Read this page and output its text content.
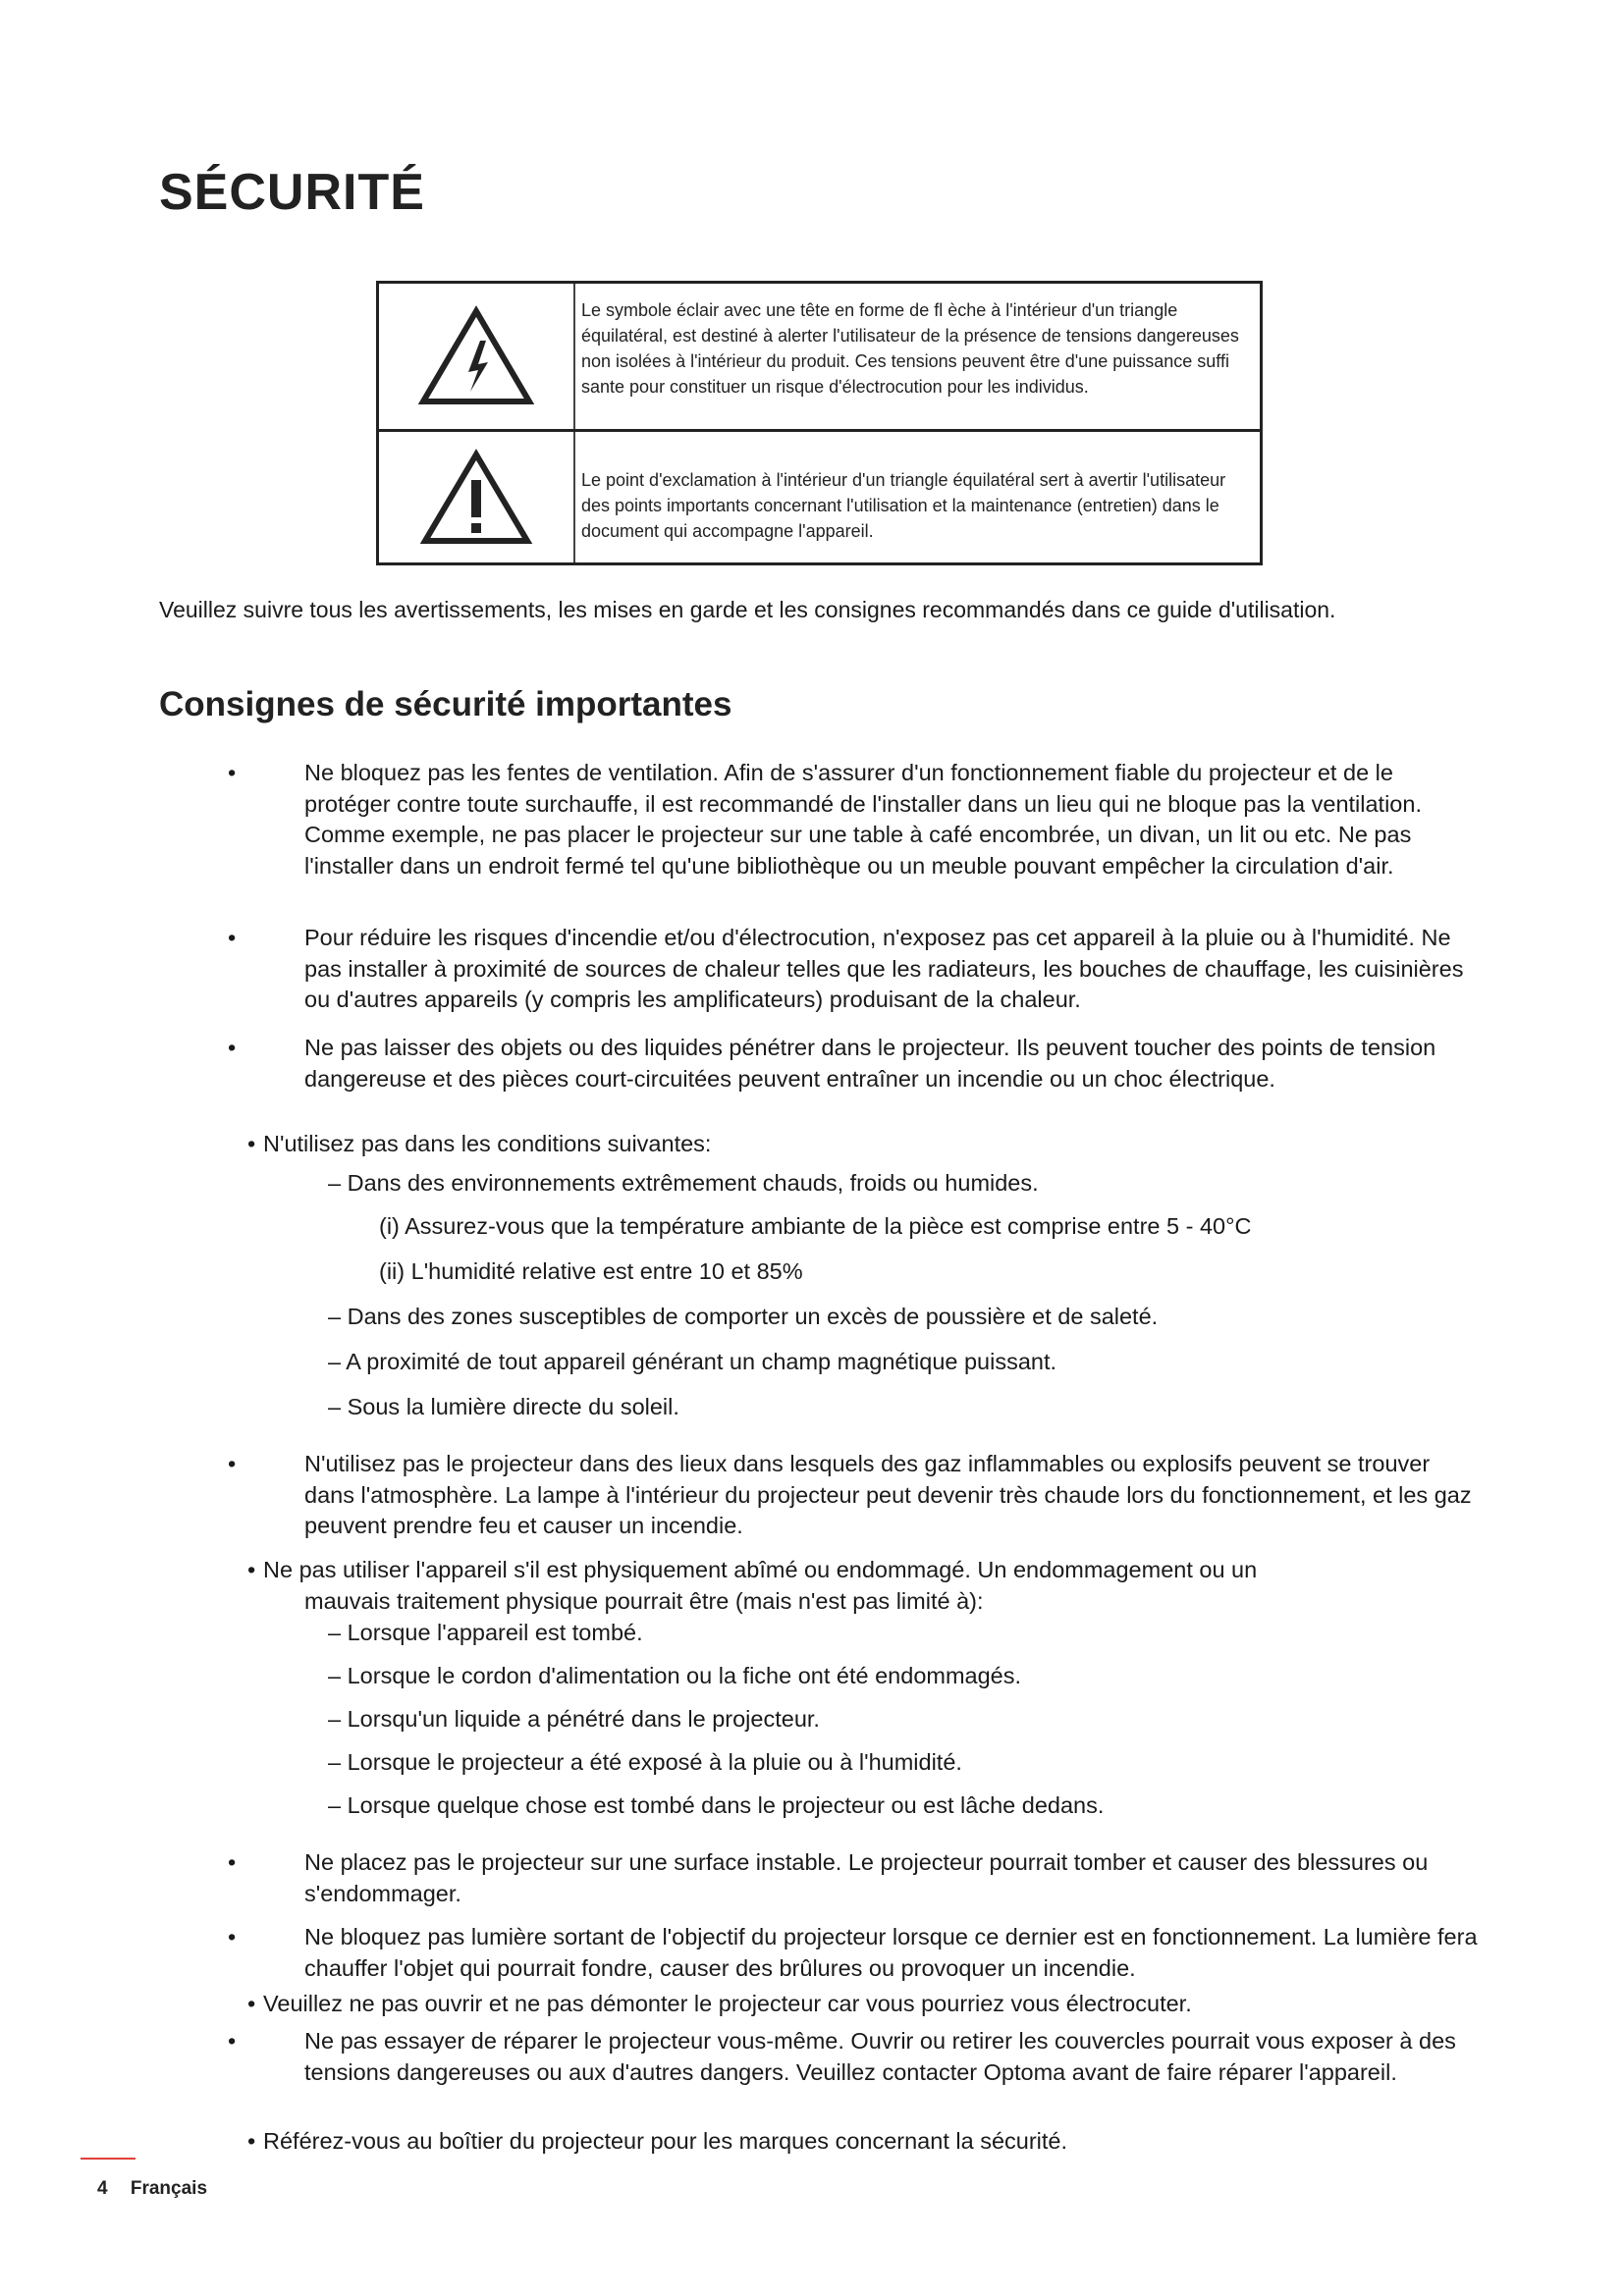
SÉCURITÉ
Le symbole éclair avec une tête en forme de fl èche à l'intérieur d'un triangle équilatéral, est destiné à alerter l'utilisateur de la présence de tensions dangereuses non isolées à l'intérieur du produit. Ces tensions peuvent être d'une puissance suffi sante pour constituer un risque d'électrocution pour les individus.
Le point d'exclamation à l'intérieur d'un triangle équilatéral sert à avertir l'utilisateur des points importants concernant l'utilisation et la maintenance (entretien) dans le document qui accompagne l'appareil.

Veuillez suivre tous les avertissements, les mises en garde et les consignes recommandés dans ce guide d'utilisation.

Consignes de sécurité importantes
•	Ne bloquez pas les fentes de ventilation. Afin de s'assurer d'un fonctionnement fiable du projecteur et de le protéger contre toute surchauffe, il est recommandé de l'installer dans un lieu qui ne bloque pas la ventilation. Comme exemple, ne pas placer le projecteur sur une table à café encombrée, un divan, un lit ou etc. Ne pas l'installer dans un endroit fermé tel qu'une bibliothèque ou un meuble pouvant empêcher la circulation d'air.
•	Pour réduire les risques d'incendie et/ou d'électrocution, n'exposez pas cet appareil à la pluie ou à l'humidité. Ne pas installer à proximité de sources de chaleur telles que les radiateurs, les bouches de chauffage, les cuisinières ou d'autres appareils (y compris les amplificateurs) produisant de la chaleur.
•	Ne pas laisser des objets ou des liquides pénétrer dans le projecteur. Ils peuvent toucher des points de tension dangereuse et des pièces court-circuitées peuvent entraîner un incendie ou un choc électrique.
• N'utilisez pas dans les conditions suivantes:
– Dans des environnements extrêmement chauds, froids ou humides.
(i) Assurez-vous que la température ambiante de la pièce est comprise entre 5 - 40°C
(ii) L'humidité relative est entre 10 et 85%
– Dans des zones susceptibles de comporter un excès de poussière et de saleté.
– A proximité de tout appareil générant un champ magnétique puissant.
– Sous la lumière directe du soleil.
•	N'utilisez pas le projecteur dans des lieux dans lesquels des gaz inflammables ou explosifs peuvent se trouver dans l'atmosphère. La lampe à l'intérieur du projecteur peut devenir très chaude lors du fonctionnement, et les gaz peuvent prendre feu et causer un incendie.
• Ne pas utiliser l'appareil s'il est physiquement abîmé ou endommagé. Un endommagement ou un
mauvais traitement physique pourrait être (mais n'est pas limité à):
– Lorsque l'appareil est tombé.
– Lorsque le cordon d'alimentation ou la fiche ont été endommagés.
– Lorsqu'un liquide a pénétré dans le projecteur.
– Lorsque le projecteur a été exposé à la pluie ou à l'humidité.
– Lorsque quelque chose est tombé dans le projecteur ou est lâche dedans.
•	Ne placez pas le projecteur sur une surface instable. Le projecteur pourrait tomber et causer des blessures ou s'endommager.
•	Ne bloquez pas lumière sortant de l'objectif du projecteur lorsque ce dernier est en fonctionnement. La lumière fera chauffer l'objet qui pourrait fondre, causer des brûlures ou provoquer un incendie.
• Veuillez ne pas ouvrir et ne pas démonter le projecteur car vous pourriez vous électrocuter.
•	Ne pas essayer de réparer le projecteur vous-même. Ouvrir ou retirer les couvercles pourrait vous exposer à des tensions dangereuses ou aux d'autres dangers. Veuillez contacter Optoma avant de faire réparer l'appareil.
• Référez-vous au boîtier du projecteur pour les marques concernant la sécurité.
4 Français
